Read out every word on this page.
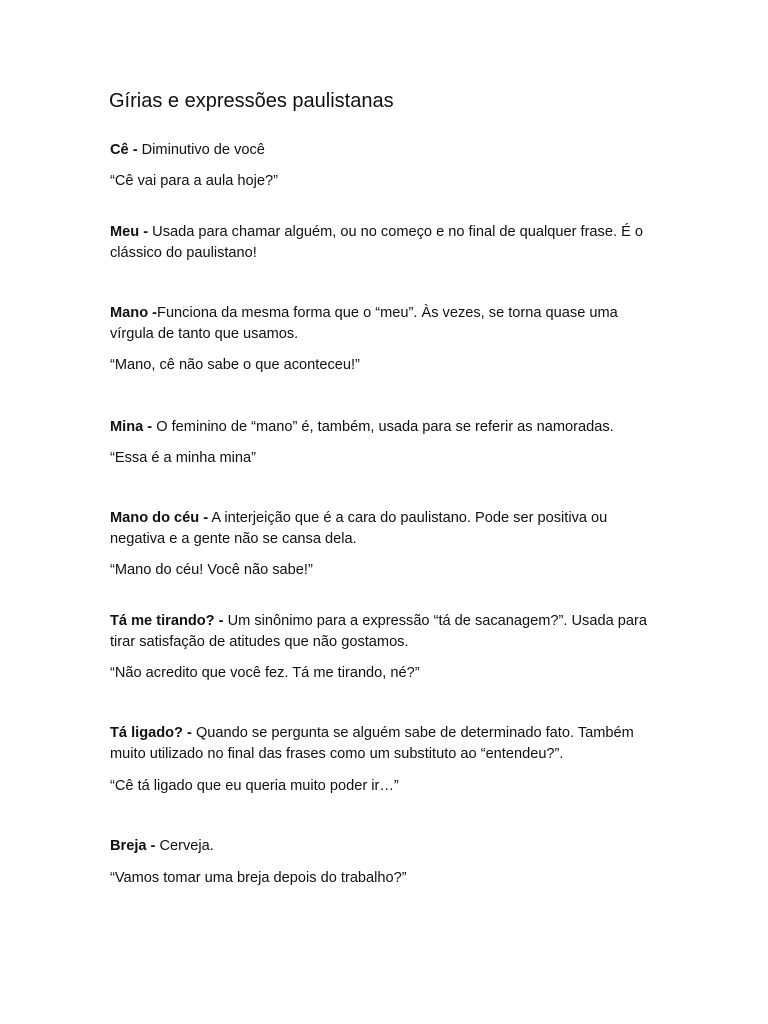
Gírias e expressões paulistanas

Cê - Diminutivo de você

“Cê vai para a aula hoje?”

Meu - Usada para chamar alguém, ou no começo e no final de qualquer frase. É o clássico do paulistano!

Mano -Funciona da mesma forma que o “meu”. Às vezes, se torna quase uma vírgula de tanto que usamos.

“Mano, cê não sabe o que aconteceu!”

Mina - O feminino de “mano” é, também, usada para se referir as namoradas.

“Essa é a minha mina”

Mano do céu - A interjeição que é a cara do paulistano. Pode ser positiva ou negativa e a gente não se cansa dela.

“Mano do céu! Você não sabe!”

Tá me tirando? - Um sinônimo para a expressão “tá de sacanagem?”. Usada para tirar satisfação de atitudes que não gostamos.

“Não acredito que você fez. Tá me tirando, né?”

Tá ligado? - Quando se pergunta se alguém sabe de determinado fato. Também muito utilizado no final das frases como um substituto ao “entendeu?”.

“Cê tá ligado que eu queria muito poder ir…”

Breja - Cerveja.

“Vamos tomar uma breja depois do trabalho?”
